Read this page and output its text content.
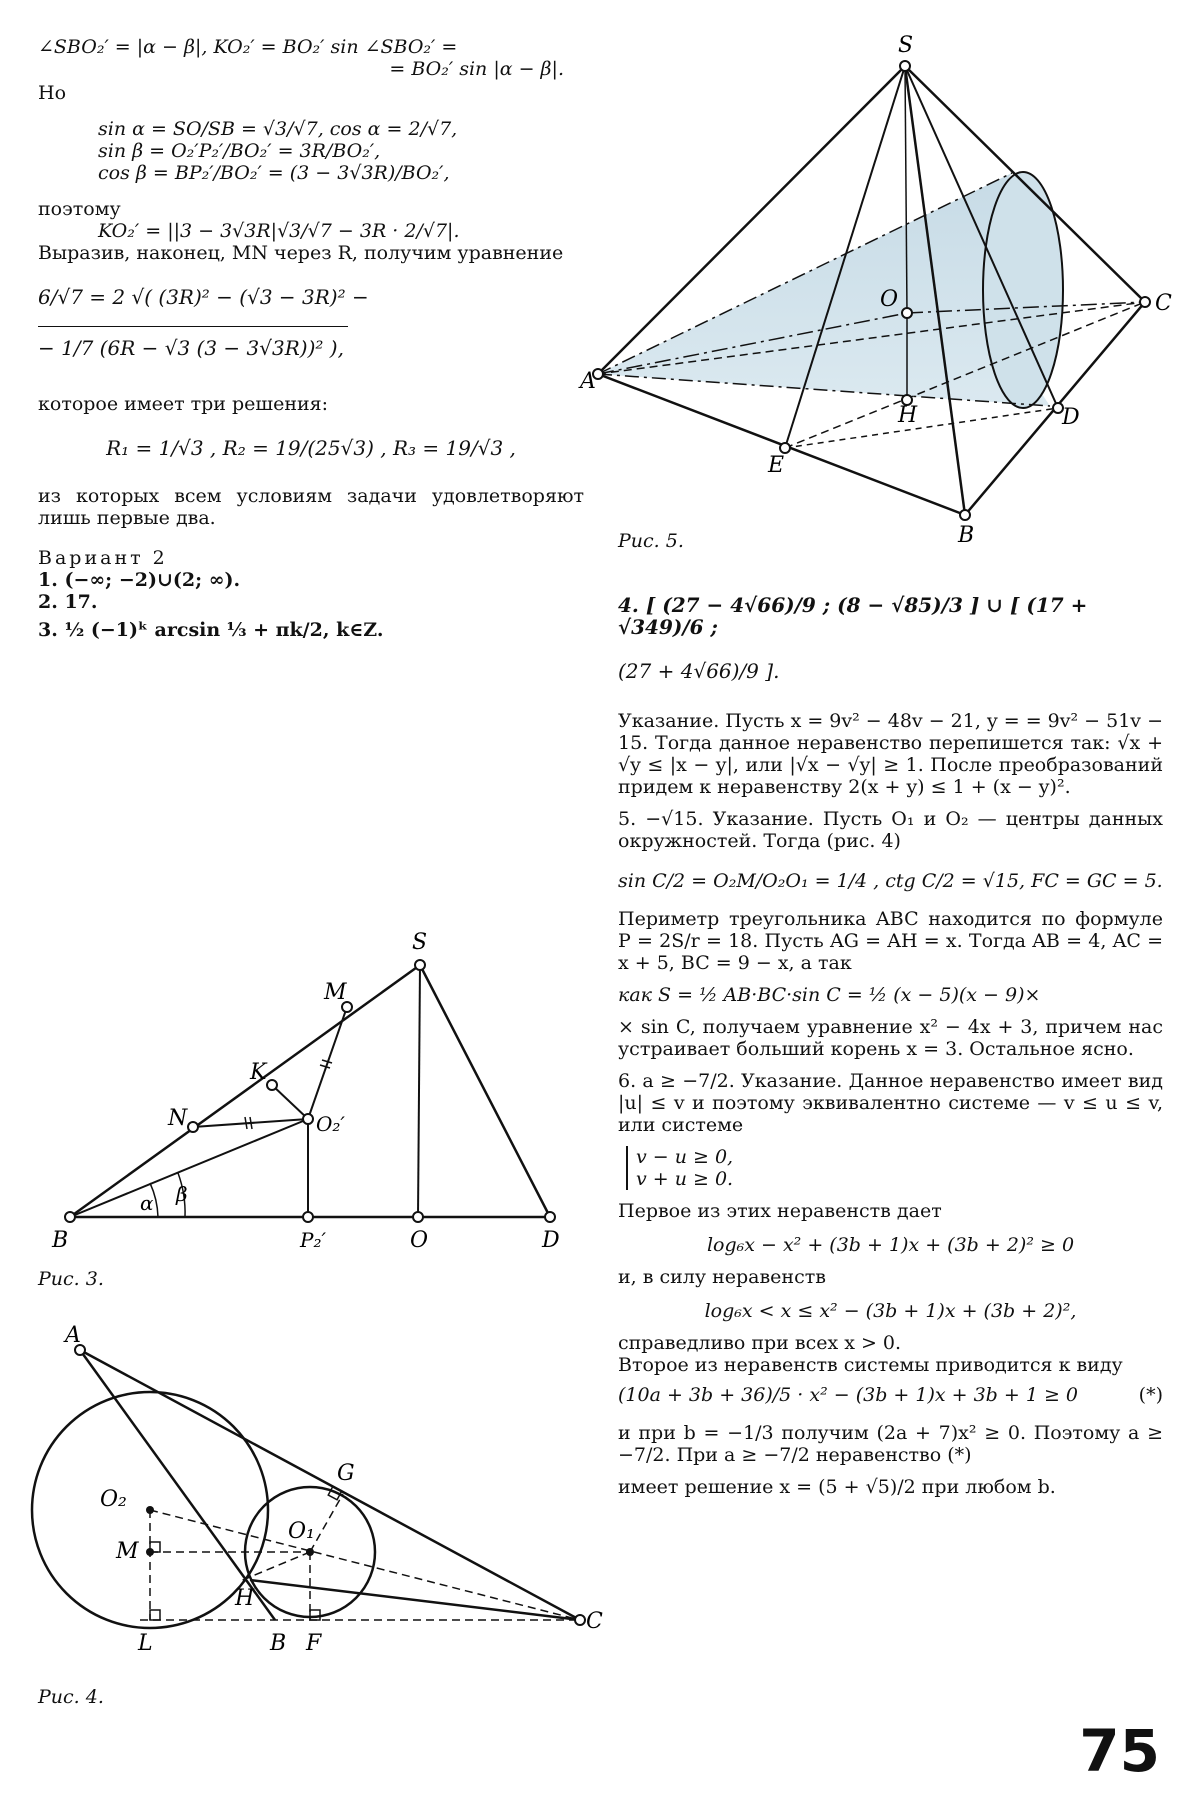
∠SBO₂′ = |α − β|, KO₂′ = BO₂′ sin ∠SBO₂′ =

= BO₂′ sin |α − β|.

Но

sin α = SO/SB = √3/√7, cos α = 2/√7,

sin β = O₂′P₂′/BO₂′ = 3R/BO₂′,

cos β = BP₂′/BO₂′ = (3 − 3√3R)/BO₂′,

поэтому

KO₂′ = ||3 − 3√3R|√3/√7 − 3R · 2/√7|.

Выразив, наконец, MN через R, получим уравнение

6/√7 = 2 √( (3R)² − (√3 − 3R)² −

− 1/7 (6R − √3 (3 − 3√3R))² ),

которое имеет три решения:

R₁ = 1/√3 , R₂ = 19/(25√3) , R₃ = 19/√3 ,

из которых всем условиям задачи удовлетворяют лишь первые два.

Вариант 2

1. (−∞; −2)∪(2; ∞).

2. 17.

3. ½ (−1)ᵏ arcsin ⅓ + πk/2, k∈Z.

S
O	C
A
H	D
E
B
Рис. 5.

4. [ (27 − 4√66)/9 ; (8 − √85)/3 ] ∪ [ (17 + √349)/6 ;

(27 + 4√66)/9 ].

Указание. Пусть x = 9v² − 48v − 21, y = = 9v² − 51v − 15. Тогда данное неравенство перепишется так: √x + √y ≤ |x − y|, или |√x − √y| ≥ 1. После преобразований придем к неравенству 2(x + y) ≤ 1 + (x − y)².

5. −√15. Указание. Пусть O₁ и O₂ — центры данных окружностей. Тогда (рис. 4)

sin C/2 = O₂M/O₂O₁ = 1/4 , ctg C/2 = √15, FC = GC = 5.

Периметр треугольника ABC находится по формуле P = 2S/r = 18. Пусть AG = AH = x. Тогда AB = 4, AC = x + 5, BC = 9 − x, а так

как S = ½ AB·BC·sin C = ½ (x − 5)(x − 9)×

× sin C, получаем уравнение x² − 4x + 3, причем нас устраивает больший корень x = 3. Остальное ясно.

6. a ≥ −7/2. Указание. Данное неравенство имеет вид |u| ≤ v и поэтому эквивалентно системе — v ≤ u ≤ v, или системе

v − u ≥ 0,

v + u ≥ 0.

Первое из этих неравенств дает

log₆x − x² + (3b + 1)x + (3b + 2)² ≥ 0

и, в силу неравенств

log₆x < x ≤ x² − (3b + 1)x + (3b + 2)²,

справедливо при всех x > 0.

Второе из неравенств системы приводится к виду

(10a + 3b + 36)/5 · x² − (3b + 1)x + 3b + 1 ≥ 0	(*)

и при b = −1/3 получим (2a + 7)x² ≥ 0. Поэтому a ≥ −7/2. При a ≥ −7/2 неравенство (*)

имеет решение x = (5 + √5)/2 при любом b.

S
M
K
N	O₂′
B	P₂′	O	D
α β
Рис. 3.
A
G
O₂
O₁
M
H
L	B F
C
Рис. 4.
75
